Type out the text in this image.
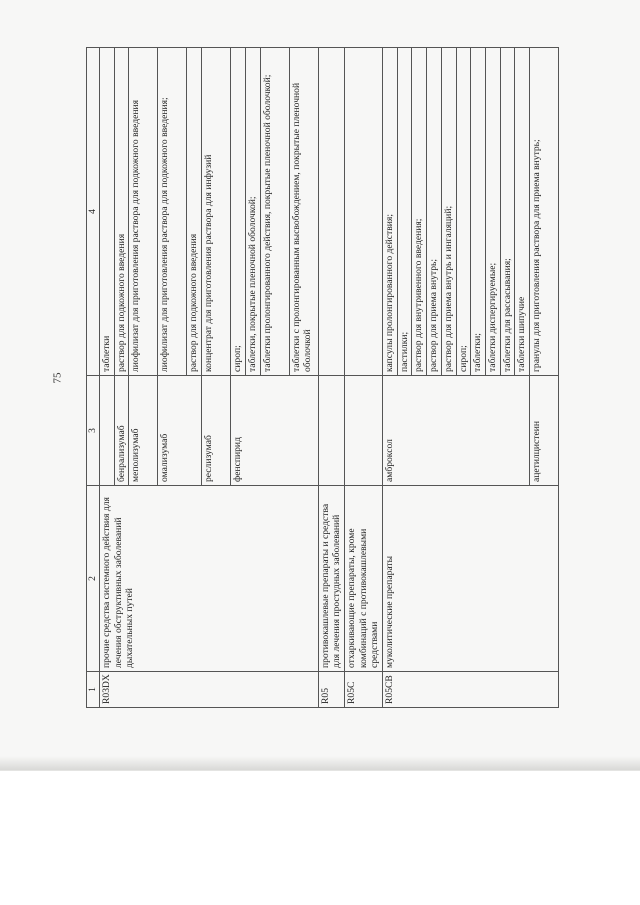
75
1	2	3	4
R03DX	прочие средства системного действия для лечения обструктивных заболеваний дыхательных путей		таблетки
		бенрализумаб	раствор для подкожного введения
		меполизумаб	лиофилизат для приготовления раствора для подкожного введения
		омализумаб	лиофилизат для приготовления раствора для подкожного введения;
			раствор для подкожного введения
		реслизумаб	концентрат для приготовления раствора для инфузий
		фенспирид	сироп;
			таблетки, покрытые пленочной оболочкой;
			таблетки пролонгированного действия, покрытые пленочной оболочкой;
			таблетки с пролонгированным высвобождением, покрытые пленочной оболочкой
R05	противокашлевые препараты и средства для лечения простудных заболеваний		
R05C	отхаркивающие препараты, кроме комбинаций с противокашлевыми средствами		
R05CB	муколитические препараты	амброксол	капсулы пролонгированного действия;
			пастилки;
			раствор для внутривенного введения;
			раствор для приема внутрь;
			раствор для приема внутрь и ингаляций;
			сироп;
			таблетки;
			таблетки диспергируемые;
			таблетки для рассасывания;
			таблетки шипучие
		ацетилцистеин	гранулы для приготовления раствора для приема внутрь;
